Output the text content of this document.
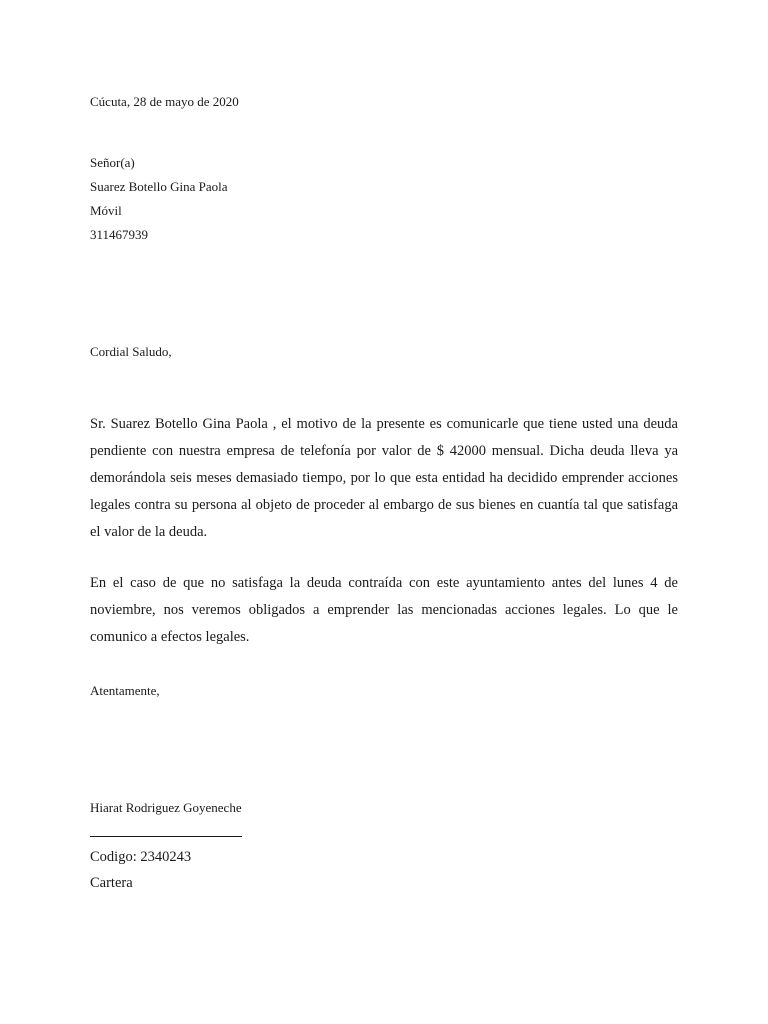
Cúcuta, 28 de mayo de 2020
Señor(a)
Suarez Botello Gina Paola
Móvil
311467939
Cordial Saludo,

Sr. Suarez Botello Gina Paola , el motivo de la presente es comunicarle que tiene usted una deuda pendiente con nuestra empresa de telefonía por valor de $ 42000 mensual. Dicha deuda lleva ya demorándola seis meses demasiado tiempo, por lo que esta entidad ha decidido emprender acciones legales contra su persona al objeto de proceder al embargo de sus bienes en cuantía tal que satisfaga el valor de la deuda.

En el caso de que no satisfaga la deuda contraída con este ayuntamiento antes del lunes 4 de noviembre, nos veremos obligados a emprender las mencionadas acciones legales. Lo que le comunico a efectos legales.

Atentamente,
Hiarat Rodriguez Goyeneche
Codigo: 2340243
Cartera
